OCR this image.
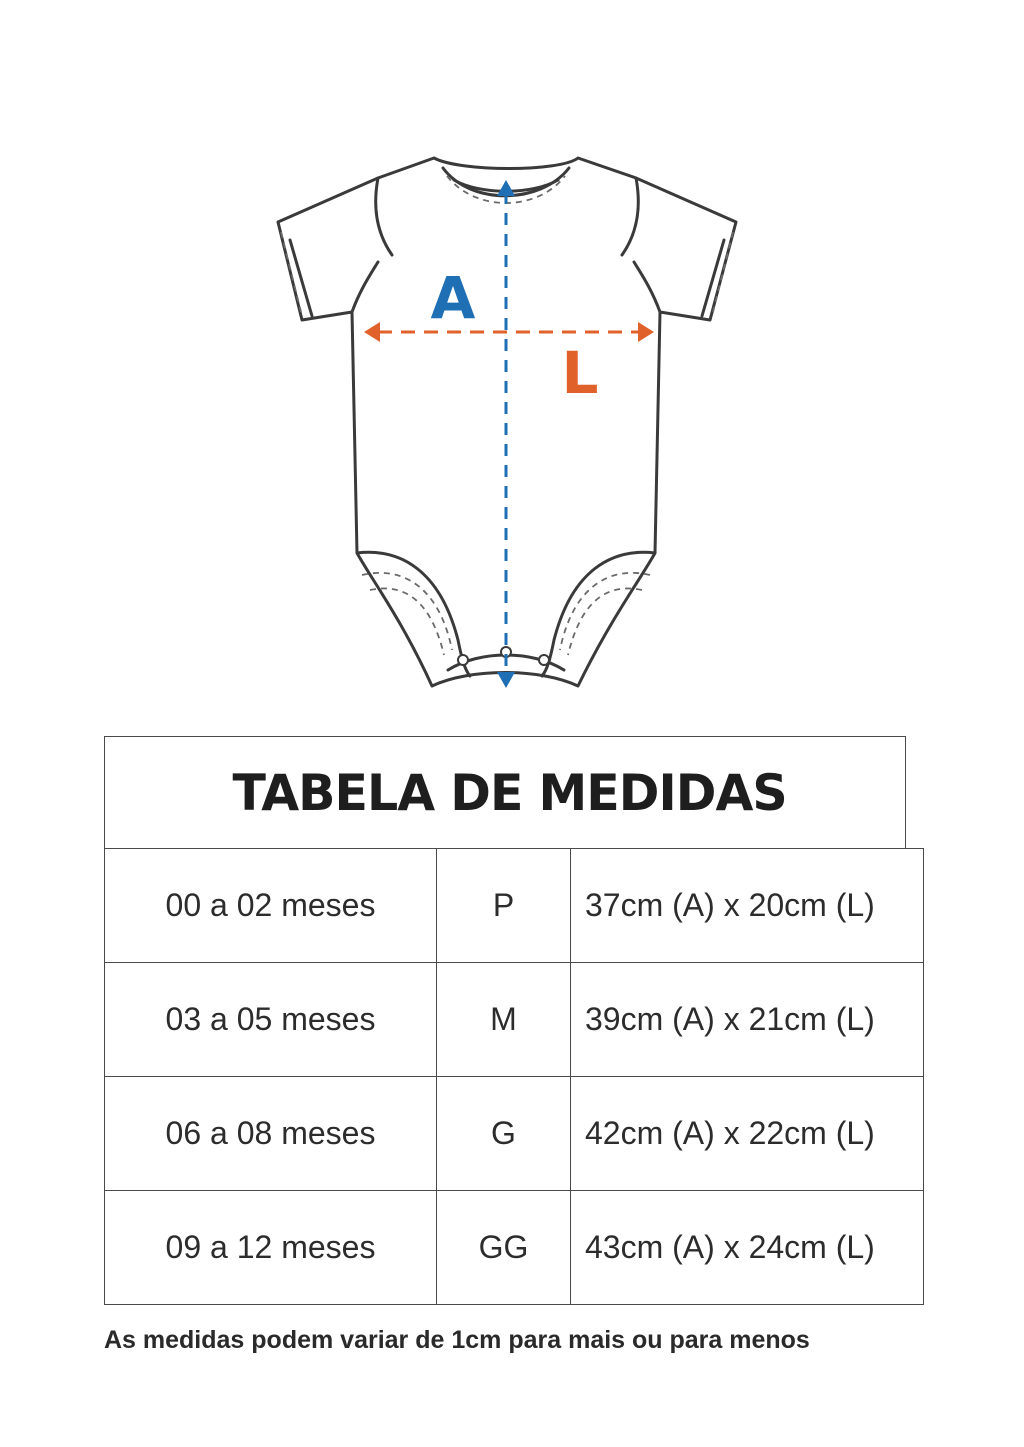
A
L
TABELA DE MEDIDAS
00 a 02 meses	P	37cm (A) x 20cm (L)
03 a 05 meses	M	39cm (A) x 21cm (L)
06 a 08 meses	G	42cm (A) x 22cm (L)
09 a 12 meses	GG	43cm (A) x 24cm (L)
As medidas podem variar de 1cm para mais ou para menos
